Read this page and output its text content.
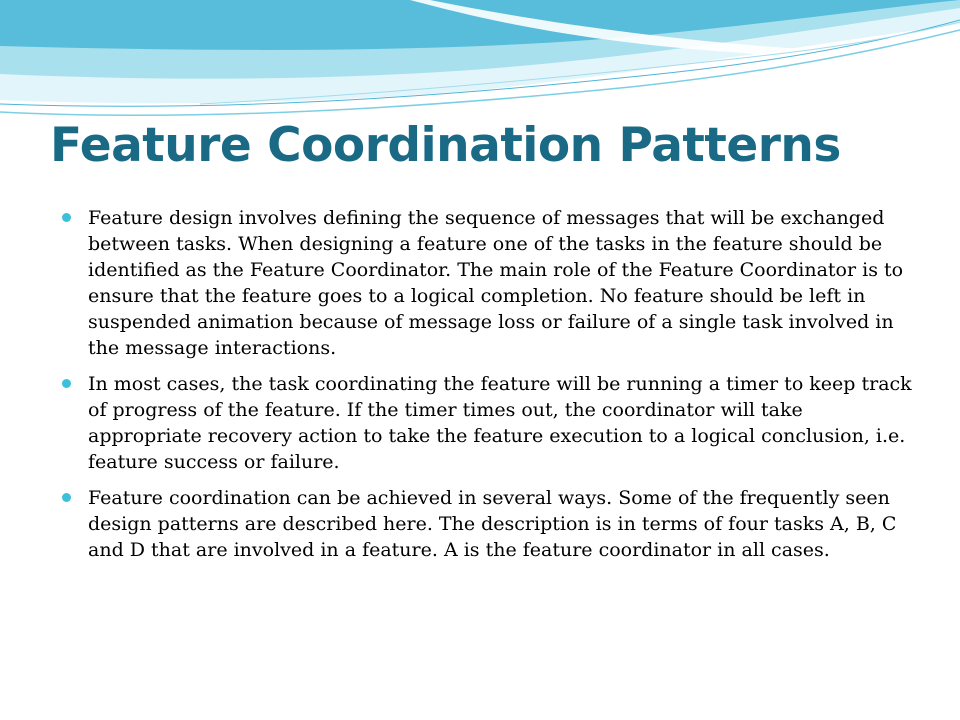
Feature Coordination Patterns
Feature design involves defining the sequence of messages that will be exchanged between tasks. When designing a feature one of the tasks in the feature should be identified as the Feature Coordinator. The main role of the Feature Coordinator is to ensure that the feature goes to a logical completion. No feature should be left in suspended animation because of message loss or failure of a single task involved in the message interactions.
In most cases, the task coordinating the feature will be running a timer to keep track of progress of the feature. If the timer times out, the coordinator will take appropriate recovery action to take the feature execution to a logical conclusion, i.e. feature success or failure.
Feature coordination can be achieved in several ways. Some of the frequently seen design patterns are described here. The description is in terms of four tasks A, B, C and D that are involved in a feature. A is the feature coordinator in all cases.
